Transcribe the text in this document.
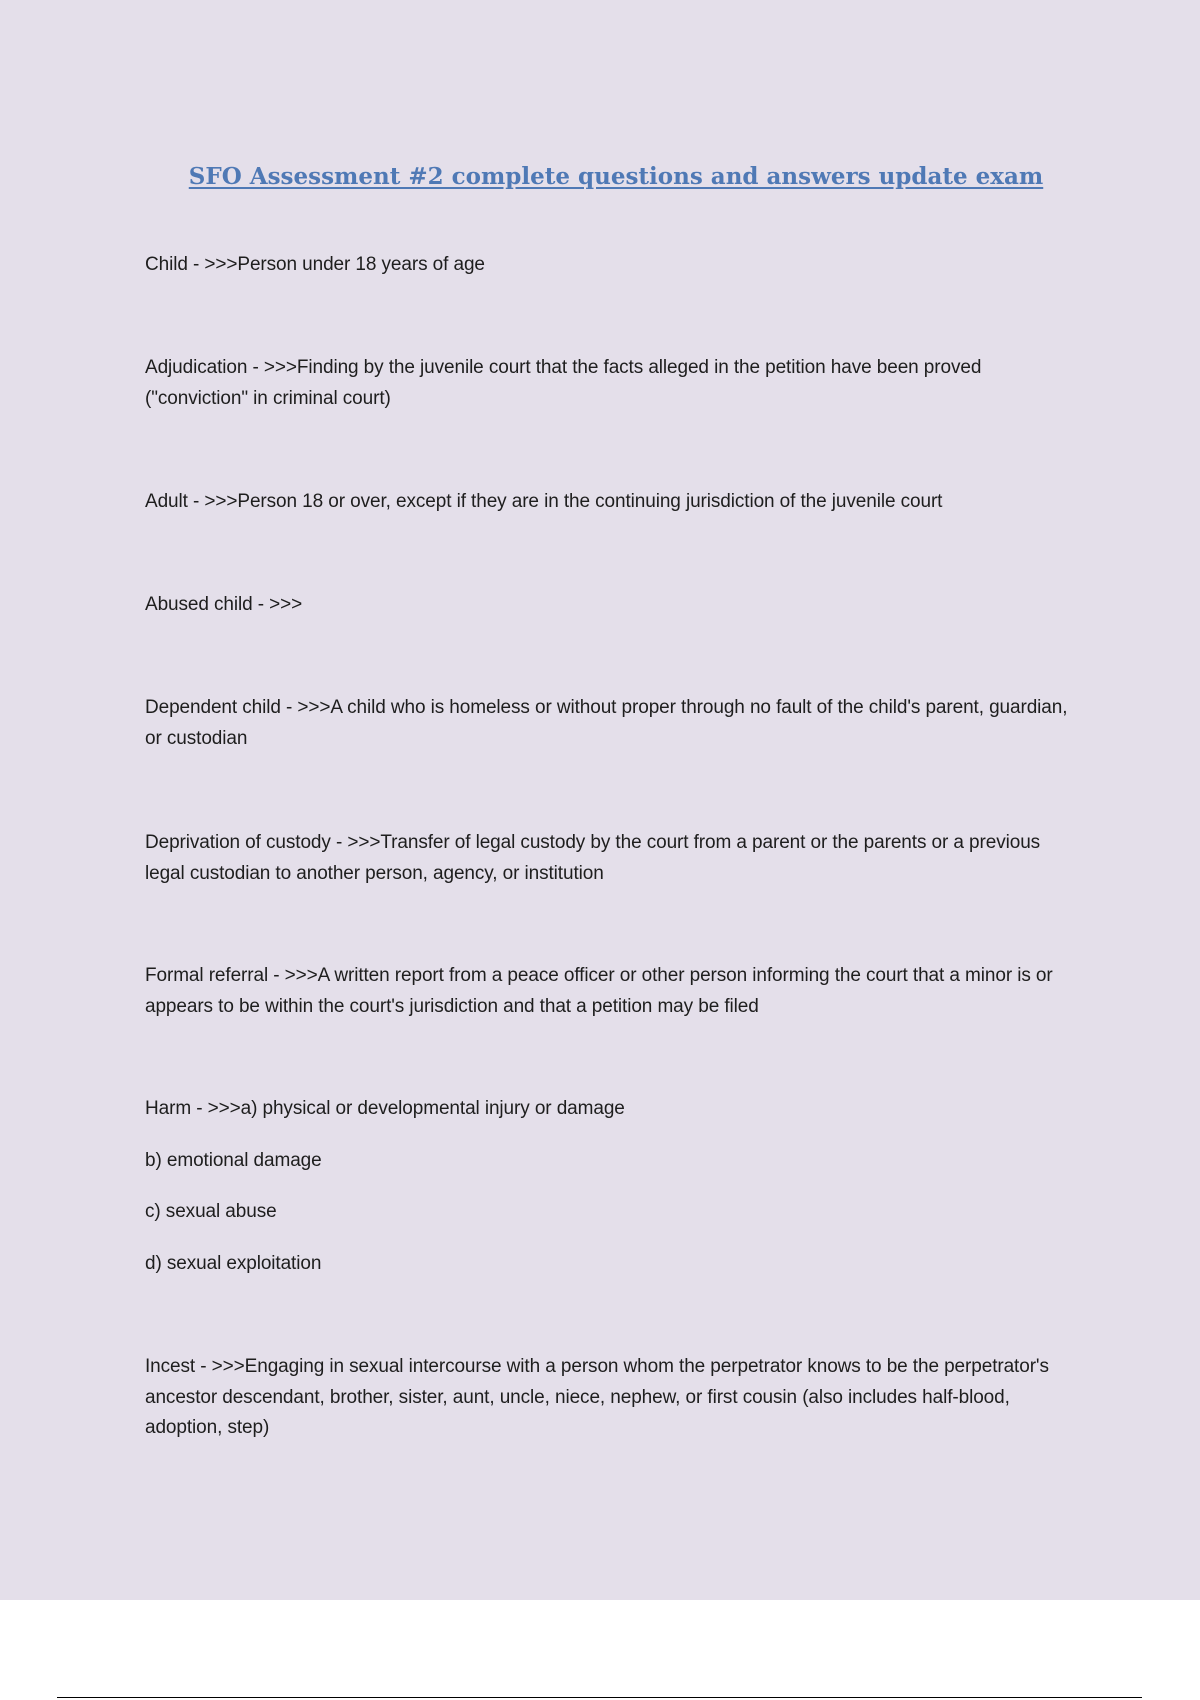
SFO Assessment #2 complete questions and answers update exam

Child - >>>Person under 18 years of age

Adjudication - >>>Finding by the juvenile court that the facts alleged in the petition have been proved ("conviction" in criminal court)

Adult - >>>Person 18 or over, except if they are in the continuing jurisdiction of the juvenile court

Abused child - >>>

Dependent child - >>>A child who is homeless or without proper through no fault of the child's parent, guardian, or custodian

Deprivation of custody - >>>Transfer of legal custody by the court from a parent or the parents or a previous legal custodian to another person, agency, or institution

Formal referral - >>>A written report from a peace officer or other person informing the court that a minor is or appears to be within the court's jurisdiction and that a petition may be filed

Harm - >>>a) physical or developmental injury or damage

b) emotional damage

c) sexual abuse

d) sexual exploitation

Incest - >>>Engaging in sexual intercourse with a person whom the perpetrator knows to be the perpetrator's ancestor descendant, brother, sister, aunt, uncle, niece, nephew, or first cousin (also includes half-blood, adoption, step)
